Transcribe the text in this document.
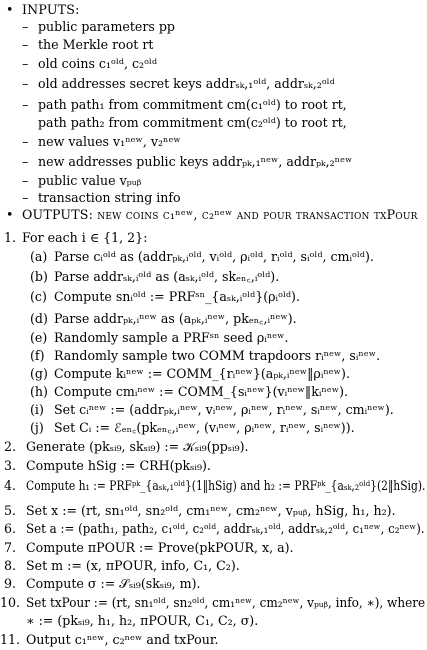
• INPUTS:
– public parameters pp
– the Merkle root rt
– old coins c₁ᵒˡᵈ, c₂ᵒˡᵈ
– old addresses secret keys addrₛₖ,₁ᵒˡᵈ, addrₛₖ,₂ᵒˡᵈ
– path path₁ from commitment cm(c₁ᵒˡᵈ) to root rt,
path path₂ from commitment cm(c₂ᵒˡᵈ) to root rt,
– new values v₁ⁿᵉʷ, v₂ⁿᵉʷ
– new addresses public keys addrₚₖ,₁ⁿᵉʷ, addrₚₖ,₂ⁿᵉʷ
– public value vₚᵤᵦ
– transaction string info
• OUTPUTS: new coins c₁ⁿᵉʷ, c₂ⁿᵉʷ and pour transaction txPour
1. For each i ∈ {1, 2}:
(a) Parse cᵢᵒˡᵈ as (addrₚₖ,ᵢᵒˡᵈ, vᵢᵒˡᵈ, ρᵢᵒˡᵈ, rᵢᵒˡᵈ, sᵢᵒˡᵈ, cmᵢᵒˡᵈ).
(b) Parse addrₛₖ,ᵢᵒˡᵈ as (aₛₖ,ᵢᵒˡᵈ, skₑₙ꜀,ᵢᵒˡᵈ).
(c) Compute snᵢᵒˡᵈ := PRFˢⁿ_{aₛₖ,ᵢᵒˡᵈ}(ρᵢᵒˡᵈ).
(d) Parse addrₚₖ,ᵢⁿᵉʷ as (aₚₖ,ᵢⁿᵉʷ, pkₑₙ꜀,ᵢⁿᵉʷ).
(e) Randomly sample a PRFˢⁿ seed ρᵢⁿᵉʷ.
(f) Randomly sample two COMM trapdoors rᵢⁿᵉʷ, sᵢⁿᵉʷ.
(g) Compute kᵢⁿᵉʷ := COMM_{rᵢⁿᵉʷ}(aₚₖ,ᵢⁿᵉʷ‖ρᵢⁿᵉʷ).
(h) Compute cmᵢⁿᵉʷ := COMM_{sᵢⁿᵉʷ}(vᵢⁿᵉʷ‖kᵢⁿᵉʷ).
(i) Set cᵢⁿᵉʷ := (addrₚₖ,ᵢⁿᵉʷ, vᵢⁿᵉʷ, ρᵢⁿᵉʷ, rᵢⁿᵉʷ, sᵢⁿᵉʷ, cmᵢⁿᵉʷ).
(j) Set Cᵢ := ℰₑₙ꜀(pkₑₙ꜀,ᵢⁿᵉʷ, (vᵢⁿᵉʷ, ρᵢⁿᵉʷ, rᵢⁿᵉʷ, sᵢⁿᵉʷ)).
2. Generate (pkₛᵢ₉, skₛᵢ₉) := 𝒦ₛᵢ₉(ppₛᵢ₉).
3. Compute hSig := CRH(pkₛᵢ₉).
4. Compute h₁ := PRFᵖᵏ_{aₛₖ,₁ᵒˡᵈ}(1‖hSig) and h₂ := PRFᵖᵏ_{aₛₖ,₂ᵒˡᵈ}(2‖hSig).
5. Set x := (rt, sn₁ᵒˡᵈ, sn₂ᵒˡᵈ, cm₁ⁿᵉʷ, cm₂ⁿᵉʷ, vₚᵤᵦ, hSig, h₁, h₂).
6. Set a := (path₁, path₂, c₁ᵒˡᵈ, c₂ᵒˡᵈ, addrₛₖ,₁ᵒˡᵈ, addrₛₖ,₂ᵒˡᵈ, c₁ⁿᵉʷ, c₂ⁿᵉʷ).
7. Compute πPOUR := Prove(pkPOUR, x, a).
8. Set m := (x, πPOUR, info, C₁, C₂).
9. Compute σ := 𝒮ₛᵢ₉(skₛᵢ₉, m).
10. Set txPour := (rt, sn₁ᵒˡᵈ, sn₂ᵒˡᵈ, cm₁ⁿᵉʷ, cm₂ⁿᵉʷ, vₚᵤᵦ, info, ∗), where
∗ := (pkₛᵢ₉, h₁, h₂, πPOUR, C₁, C₂, σ).
11. Output c₁ⁿᵉʷ, c₂ⁿᵉʷ and txPour.
